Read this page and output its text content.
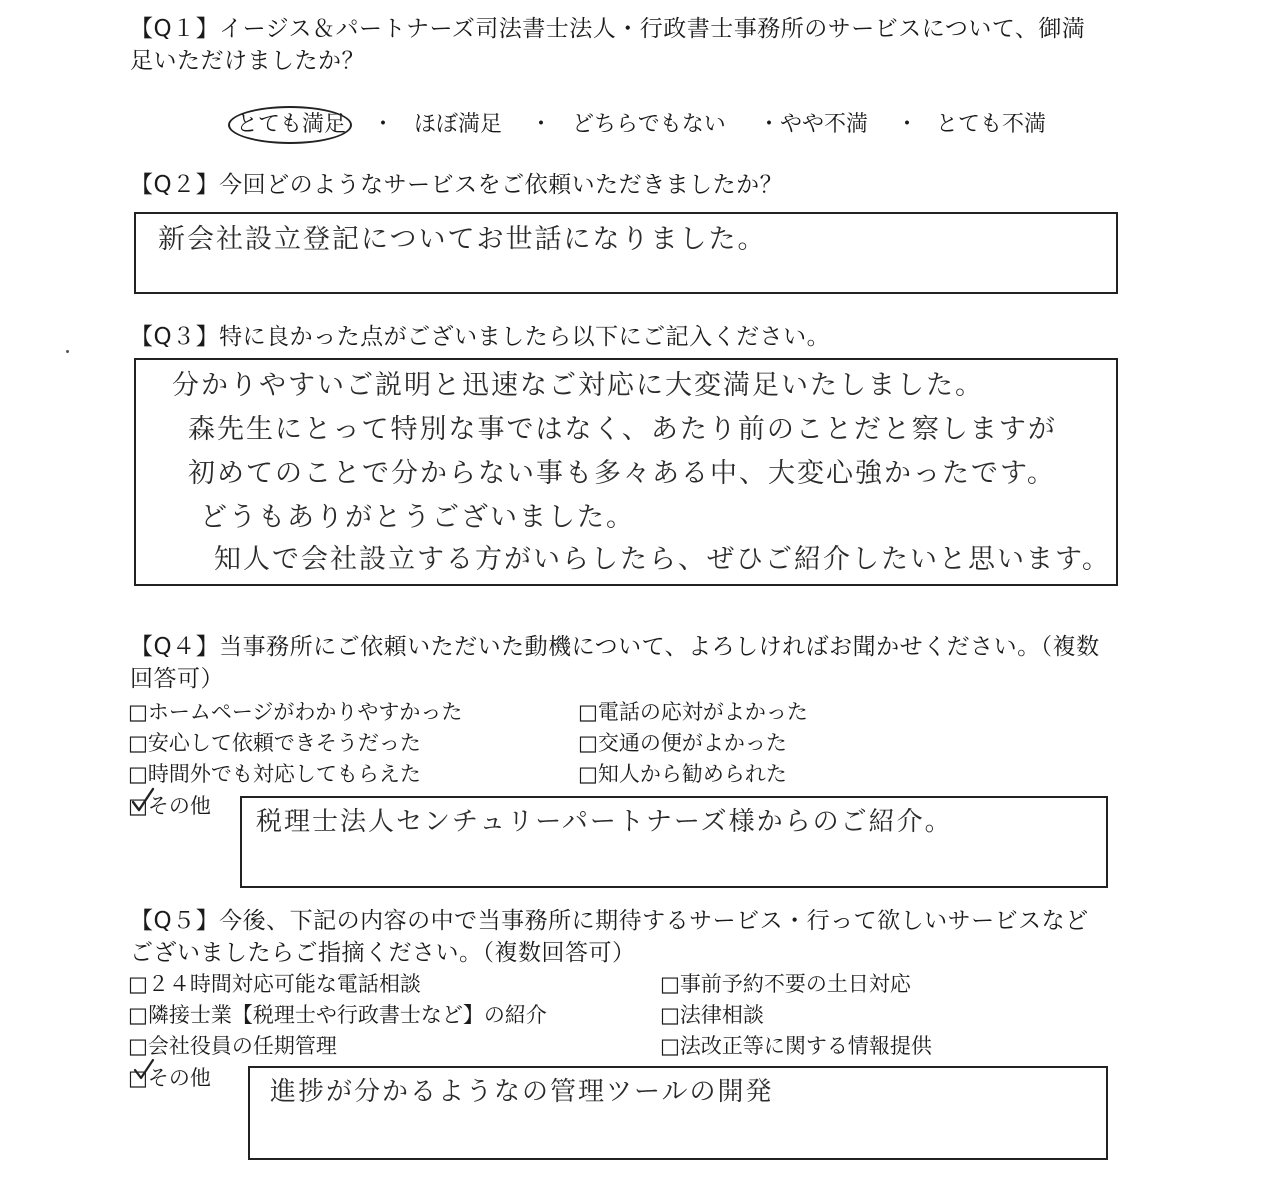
【Q１】イージス＆パートナーズ司法書士法人・行政書士事務所のサービスについて、御満
足いただけましたか？
とても満足 ・ ほぼ満足 ・ どちらでもない ・やや不満 ・ とても不満
【Q２】今回どのようなサービスをご依頼いただきましたか？
新会社設立登記についてお世話になりました。
【Q３】特に良かった点がございましたら以下にご記入ください。
分かりやすいご説明と迅速なご対応に大変満足いたしました。
森先生にとって特別な事ではなく、あたり前のことだと察しますが
初めてのことで分からない事も多々ある中、大変心強かったです。
どうもありがとうございました。
知人で会社設立する方がいらしたら、ぜひご紹介したいと思います。
【Q４】当事務所にご依頼いただいた動機について、よろしければお聞かせください。（複数
回答可）
□ホームページがわかりやすかった
□安心して依頼できそうだった
□時間外でも対応してもらえた
□電話の応対がよかった
□交通の便がよかった
□知人から勧められた
□その他
税理士法人センチュリーパートナーズ様からのご紹介。
【Q５】今後、下記の内容の中で当事務所に期待するサービス・行って欲しいサービスなど
ございましたらご指摘ください。（複数回答可）
□２４時間対応可能な電話相談
□隣接士業【税理士や行政書士など】の紹介
□会社役員の任期管理
□事前予約不要の土日対応
□法律相談
□法改正等に関する情報提供
□その他 進捗が分かるようなの管理ツールの開発
